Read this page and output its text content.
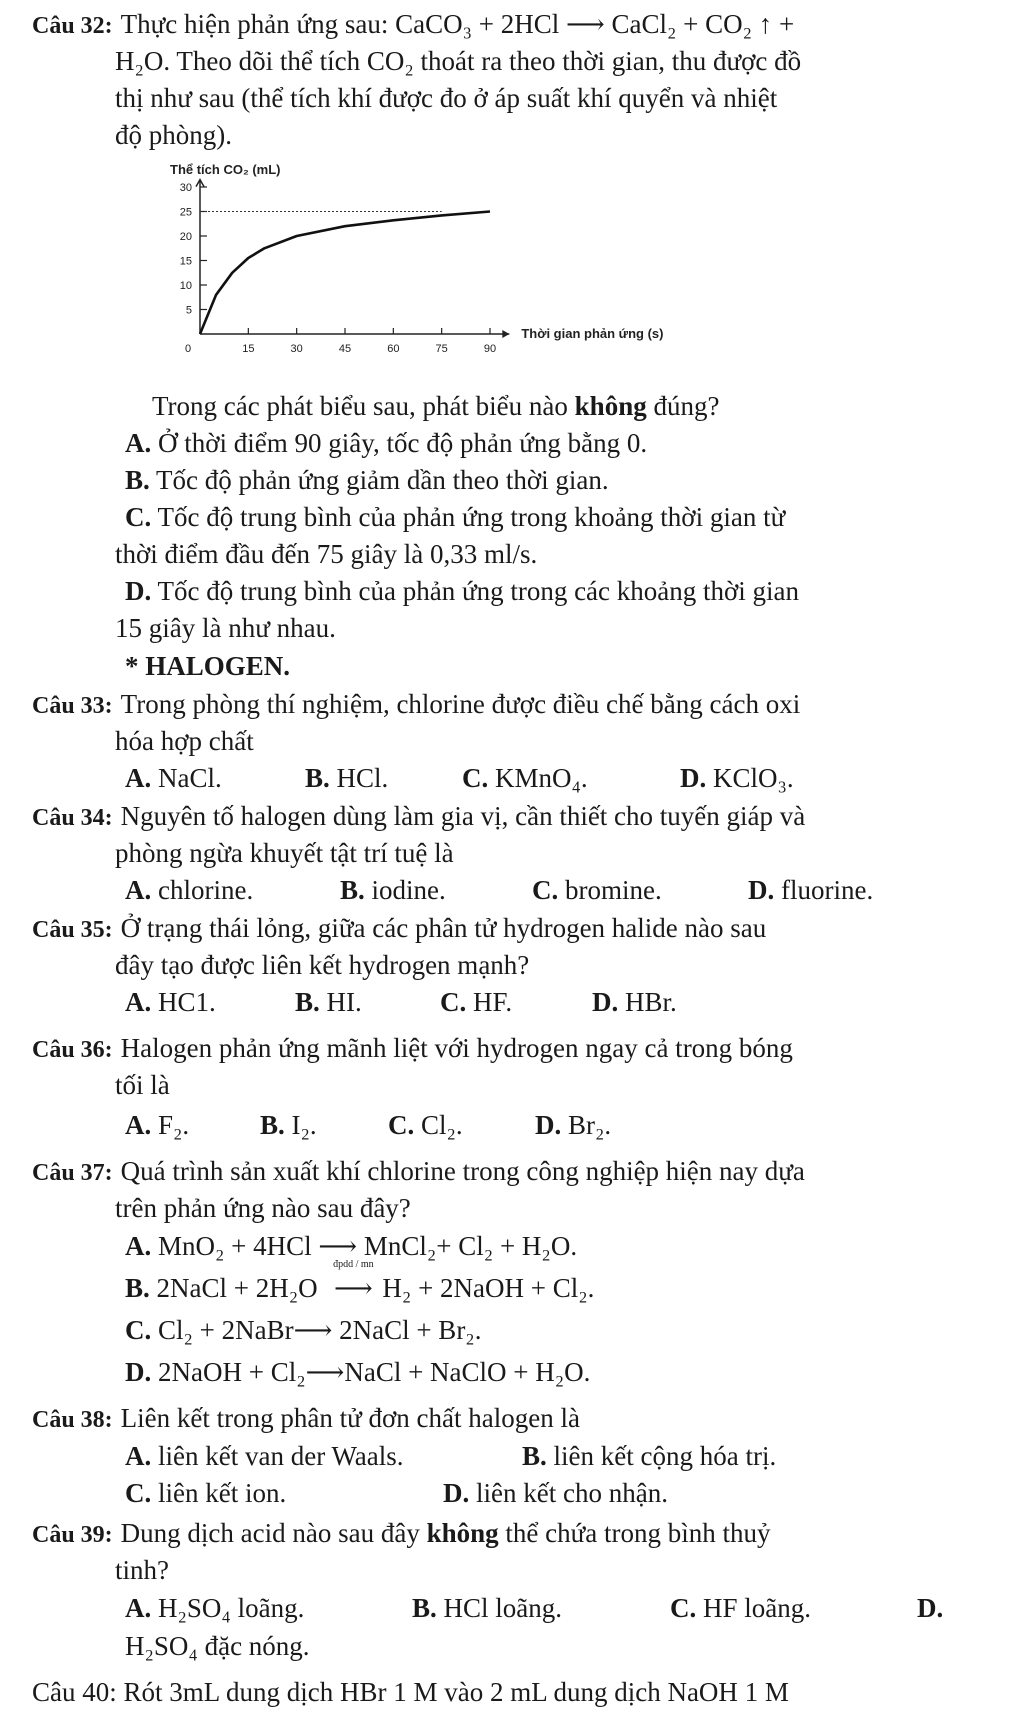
Câu 32: Thực hiện phản ứng sau: CaCO₃ + 2HCl ⟶ CaCl₂ + CO₂ ↑ +
H₂O. Theo dõi thể tích CO₂ thoát ra theo thời gian, thu được đồ
thị như sau (thể tích khí được đo ở áp suất khí quyển và nhiệt
độ phòng).
Thể tích CO₂ (mL)
Thời gian phản ứng (s)
5
10
15
20
25
30
0	15	30	45	60	75	90
Trong các phát biểu sau, phát biểu nào không đúng?
A. Ở thời điểm 90 giây, tốc độ phản ứng bằng 0.
B. Tốc độ phản ứng giảm dần theo thời gian.
C. Tốc độ trung bình của phản ứng trong khoảng thời gian từ
thời điểm đầu đến 75 giây là 0,33 ml/s.
D. Tốc độ trung bình của phản ứng trong các khoảng thời gian
15 giây là như nhau.
* HALOGEN.
Câu 33: Trong phòng thí nghiệm, chlorine được điều chế bằng cách oxi
hóa hợp chất
A. NaCl.	B. HCl.	C. KMnO₄.	D. KClO₃.
Câu 34: Nguyên tố halogen dùng làm gia vị, cần thiết cho tuyến giáp và
phòng ngừa khuyết tật trí tuệ là
A. chlorine.	B. iodine.	C. bromine.	D. fluorine.
Câu 35: Ở trạng thái lỏng, giữa các phân tử hydrogen halide nào sau
đây tạo được liên kết hydrogen mạnh?
A. HC1.	B. HI.	C. HF.	D. HBr.
Câu 36: Halogen phản ứng mãnh liệt với hydrogen ngay cả trong bóng
tối là
A. F₂.	B. I₂.	C. Cl₂.	D. Br₂.
Câu 37: Quá trình sản xuất khí chlorine trong công nghiệp hiện nay dựa
trên phản ứng nào sau đây?
A. MnO₂ + 4HCl ⟶ MnCl₂+ Cl₂ + H₂O.
B. 2NaCl + 2H₂O
đpdd / mn
⟶ H₂ + 2NaOH + Cl₂.
C. Cl₂ + 2NaBr⟶ 2NaCl + Br₂.
D. 2NaOH + Cl₂⟶NaCl + NaClO + H₂O.
Câu 38: Liên kết trong phân tử đơn chất halogen là
A. liên kết van der Waals.	B. liên kết cộng hóa trị.
C. liên kết ion.	D. liên kết cho nhận.
Câu 39: Dung dịch acid nào sau đây không thể chứa trong bình thuỷ
tinh?
A. H₂SO₄ loãng.	B. HCl loãng.	C. HF loãng.	D.
H₂SO₄ đặc nóng.
Câu 40: Rót 3mL dung dịch HBr 1 M vào 2 mL dung dịch NaOH 1 M
